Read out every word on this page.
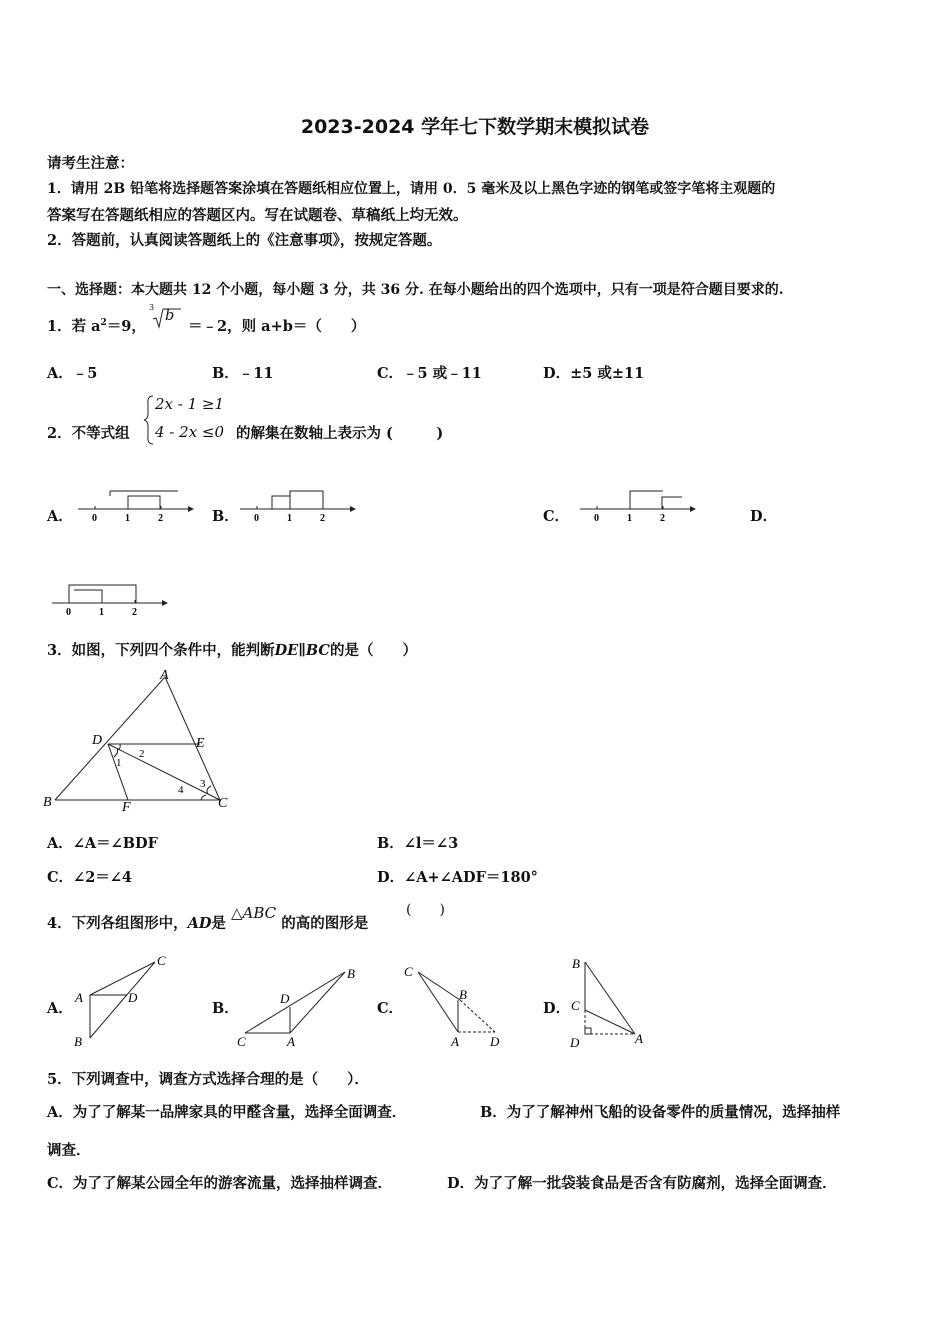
2023-2024 学年七下数学期末模拟试卷
请考生注意：
1．请用 2B 铅笔将选择题答案涂填在答题纸相应位置上，请用 0．5 毫米及以上黑色字迹的钢笔或签字笔将主观题的
答案写在答题纸相应的答题区内。写在试题卷、草稿纸上均无效。
2．答题前，认真阅读答题纸上的《注意事项》，按规定答题。
一、选择题：本大题共 12 个小题，每小题 3 分，共 36 分. 在每小题给出的四个选项中，只有一项是符合题目要求的.
1．若 $a^2=9$，
3
b
＝﹣2，则 a+b＝（　　）
A．﹣5	B．﹣11	C．﹣5 或﹣11	D．±5 或±11
2．不等式组
2x - 1 ≥1
4 - 2x ≤0 的解集在数轴上表示为 (　　　)
A．	B．	C．	D．
0	1	2	0	1	2	0	1	2
0	1	2
3．如图，下列四个条件中，能判断DE∥BC的是（　　）
A
B	C
D	E
F
1
2
3
4
A．∠A＝∠BDF	B．∠l＝∠3
C．∠2＝∠4	D．∠A+∠ADF＝180°
4．下列各组图形中，AD是 △ABC 的高的图形是
(　　)
A．	B．	C．	D．
C
A	D
B
B
D
C	A
C
B
A D
B
C
D	A
5．下列调查中，调查方式选择合理的是（　　）．
A．为了了解某一品牌家具的甲醛含量，选择全面调查．	B．为了了解神州飞船的设备零件的质量情况，选择抽样
调查．
C．为了了解某公园全年的游客流量，选择抽样调查．	D．为了了解一批袋装食品是否含有防腐剂，选择全面调查．
